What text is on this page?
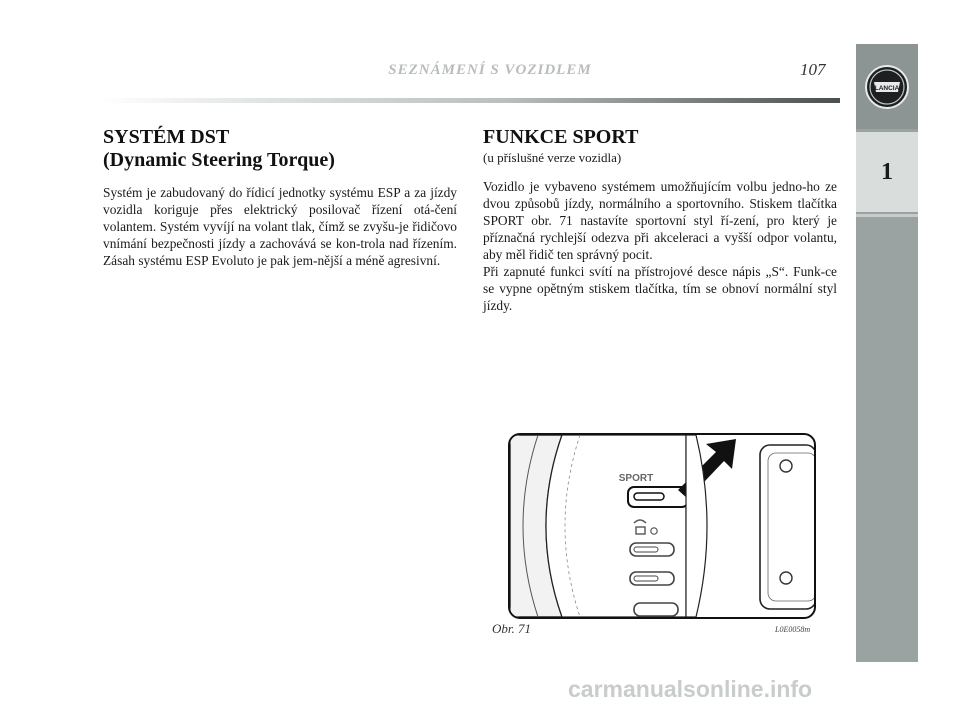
SEZNÁMENÍ S VOZIDLEM	107
LANCIA
1
SYSTÉM DST
(Dynamic Steering Torque)

Systém je zabudovaný do řídicí jednotky systému ESP a za jízdy vozidla koriguje přes elektrický posilovač řízení otá-čení volantem. Systém vyvíjí na volant tlak, čímž se zvyšu-je řidičovo vnímání bezpečnosti jízdy a zachovává se kon-trola nad řízením. Zásah systému ESP Evoluto je pak jem-nější a méně agresivní.

FUNKCE SPORT
(u příslušné verze vozidla)

Vozidlo je vybaveno systémem umožňujícím volbu jedno-ho ze dvou způsobů jízdy, normálního a sportovního. Stiskem tlačítka SPORT obr. 71 nastavíte sportovní styl ří-zení, pro který je příznačná rychlejší odezva při akceleraci a vyšší odpor volantu, aby měl řidič ten správný pocit.

Při zapnuté funkci svítí na přístrojové desce nápis „S“. Funk-ce se vypne opětným stiskem tlačítka, tím se obnoví normální styl jízdy.

SPORT
Obr. 71	L0E0058m
carmanualsonline.info
